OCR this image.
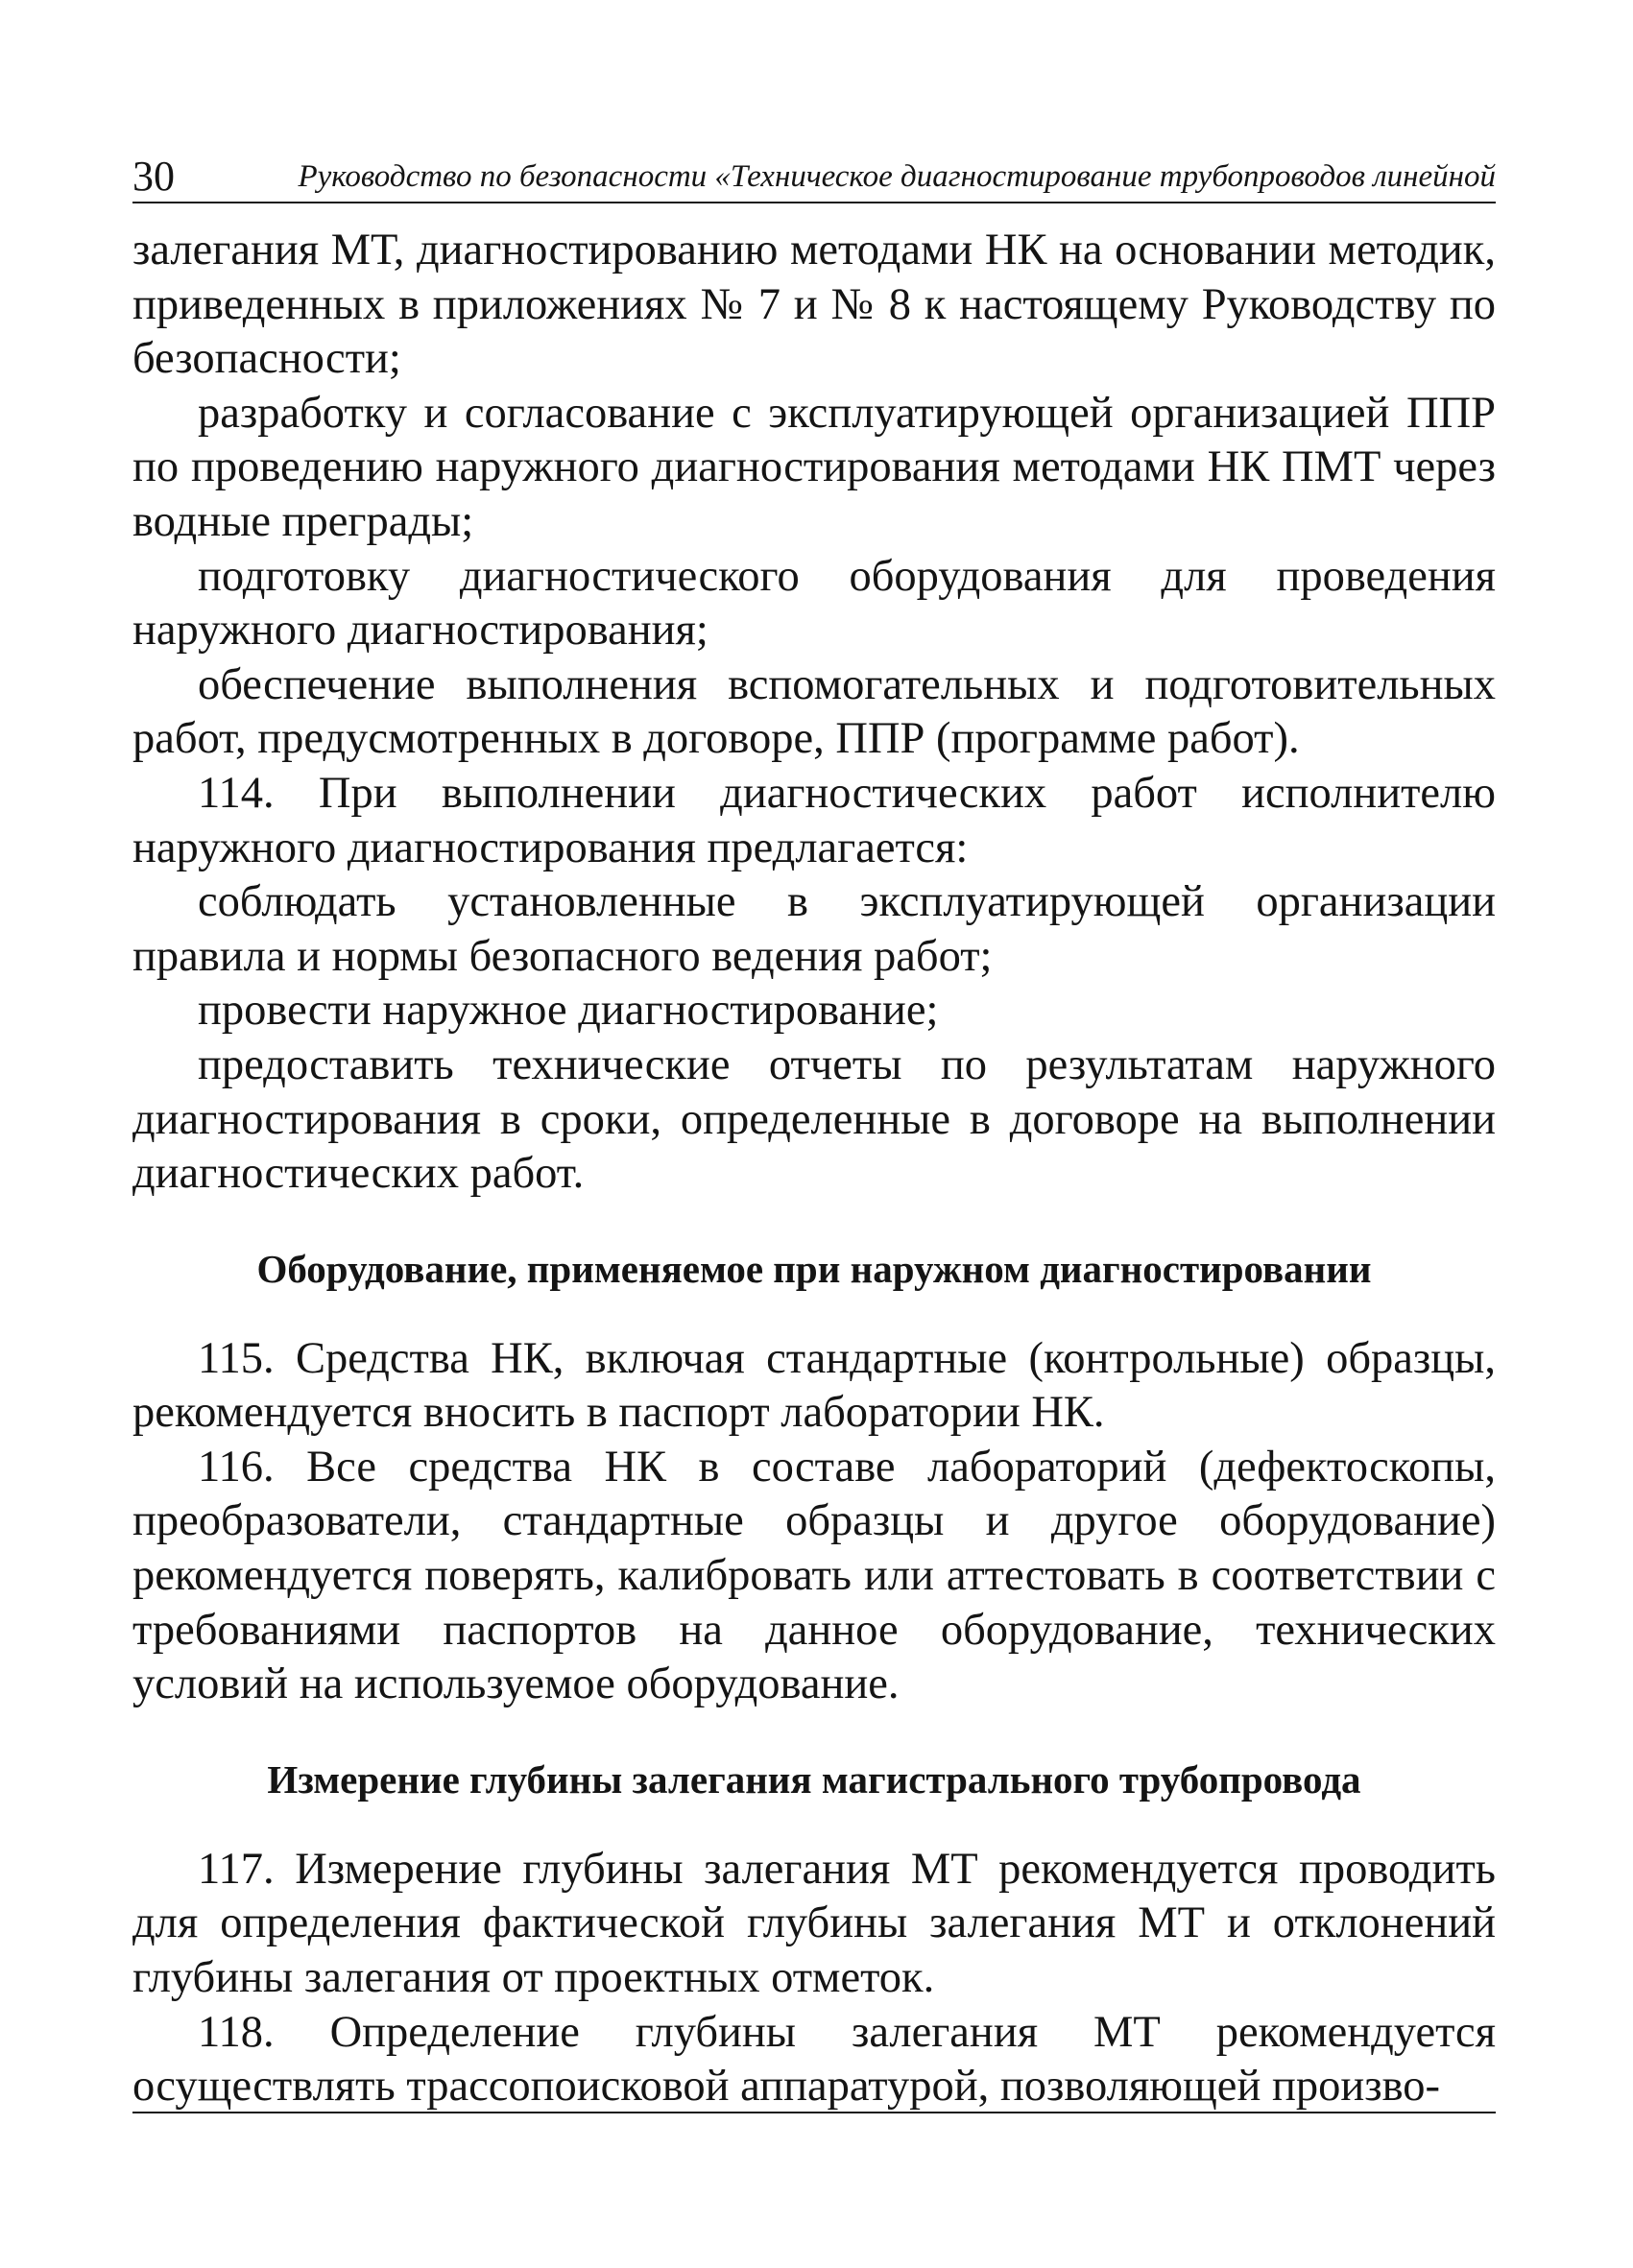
30	Руководство по безопасности «Техническое диагностирование трубопроводов линейной

залегания МТ, диагностированию методами НК на основании методик, приведенных в приложениях № 7 и № 8 к настоящему Руководству по безопасности;

разработку и согласование с эксплуатирующей организацией ППР по проведению наружного диагностирования методами НК ПМТ через водные преграды;

подготовку диагностического оборудования для проведения наружного диагностирования;

обеспечение выполнения вспомогательных и подготовительных работ, предусмотренных в договоре, ППР (программе работ).

114. При выполнении диагностических работ исполнителю наружного диагностирования предлагается:

соблюдать установленные в эксплуатирующей организации правила и нормы безопасного ведения работ;

провести наружное диагностирование;

предоставить технические отчеты по результатам наружного диагностирования в сроки, определенные в договоре на выполнении диагностических работ.

Оборудование, применяемое при наружном диагностировании

115. Средства НК, включая стандартные (контрольные) образцы, рекомендуется вносить в паспорт лаборатории НК.

116. Все средства НК в составе лабораторий (дефектоскопы, преобразователи, стандартные образцы и другое оборудование) рекомендуется поверять, калибровать или аттестовать в соответствии с требованиями паспортов на данное оборудование, технических условий на используемое оборудование.

Измерение глубины залегания магистрального трубопровода

117. Измерение глубины залегания МТ рекомендуется проводить для определения фактической глубины залегания МТ и отклонений глубины залегания от проектных отметок.

118. Определение глубины залегания МТ рекомендуется осуществлять трассопоисковой аппаратурой, позволяющей произво-
